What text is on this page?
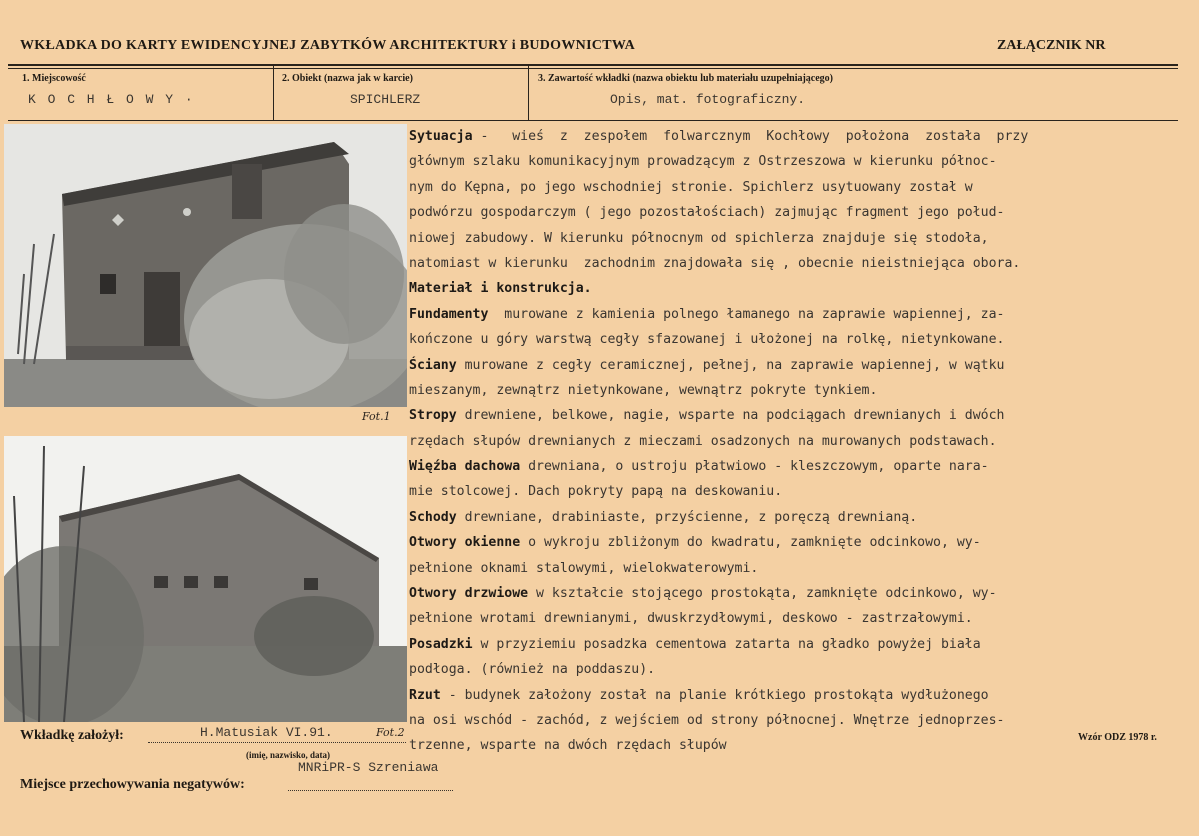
WKŁADKA DO KARTY EWIDENCYJNEJ ZABYTKÓW ARCHITEKTURY i BUDOWNICTWA	ZAŁĄCZNIK NR
1. Miejscowość	2. Obiekt (nazwa jak w karcie)	3. Zawartość wkładki (nazwa obiektu lub materiału uzupełniającego)
K O C H Ł O W Y ·	SPICHLERZ	Opis, mat. fotograficzny.
Fot.1
Sytuacja -   wieś  z  zespołem  folwarcznym  Kochłowy  położona  została  przy
głównym szlaku komunikacyjnym prowadzącym z Ostrzeszowa w kierunku północ-
nym do Kępna, po jego wschodniej stronie. Spichlerz usytuowany został w
podwórzu gospodarczym ( jego pozostałościach) zajmując fragment jego połud-
niowej zabudowy. W kierunku północnym od spichlerza znajduje się stodoła,
natomiast w kierunku  zachodnim znajdowała się , obecnie nieistniejąca obora.
Materiał i konstrukcja.
Fundamenty  murowane z kamienia polnego łamanego na zaprawie wapiennej, za-
kończone u góry warstwą cegły sfazowanej i ułożonej na rolkę, nietynkowane.
Ściany murowane z cegły ceramicznej, pełnej, na zaprawie wapiennej, w wątku
mieszanym, zewnątrz nietynkowane, wewnątrz pokryte tynkiem.
Stropy drewniene, belkowe, nagie, wsparte na podciągach drewnianych i dwóch
rzędach słupów drewnianych z mieczami osadzonych na murowanych podstawach.
Więźba dachowa drewniana, o ustroju płatwiowo - kleszczowym, oparte nara-
mie stolcowej. Dach pokryty papą na deskowaniu.
Schody drewniane, drabiniaste, przyścienne, z poręczą drewnianą.
Otwory okienne o wykroju zbliżonym do kwadratu, zamknięte odcinkowo, wy-
pełnione oknami stalowymi, wielokwaterowymi.
Otwory drzwiowe w kształcie stojącego prostokąta, zamknięte odcinkowo, wy-
pełnione wrotami drewnianymi, dwuskrzydłowymi, deskowo - zastrzałowymi.
Posadzki w przyziemiu posadzka cementowa zatarta na gładko powyżej biała
podłoga. (również na poddaszu).
Rzut - budynek założony został na planie krótkiego prostokąta wydłużonego
na osi wschód - zachód, z wejściem od strony północnej. Wnętrze jednoprzes-
trzenne, wsparte na dwóch rzędach słupów
Wkładkę założył:	H.Matusiak VI.91.	Fot.2
(imię, nazwisko, data)
Wzór ODZ 1978 r.
MNRiPR-S Szreniawa
Miejsce przechowywania negatywów:
